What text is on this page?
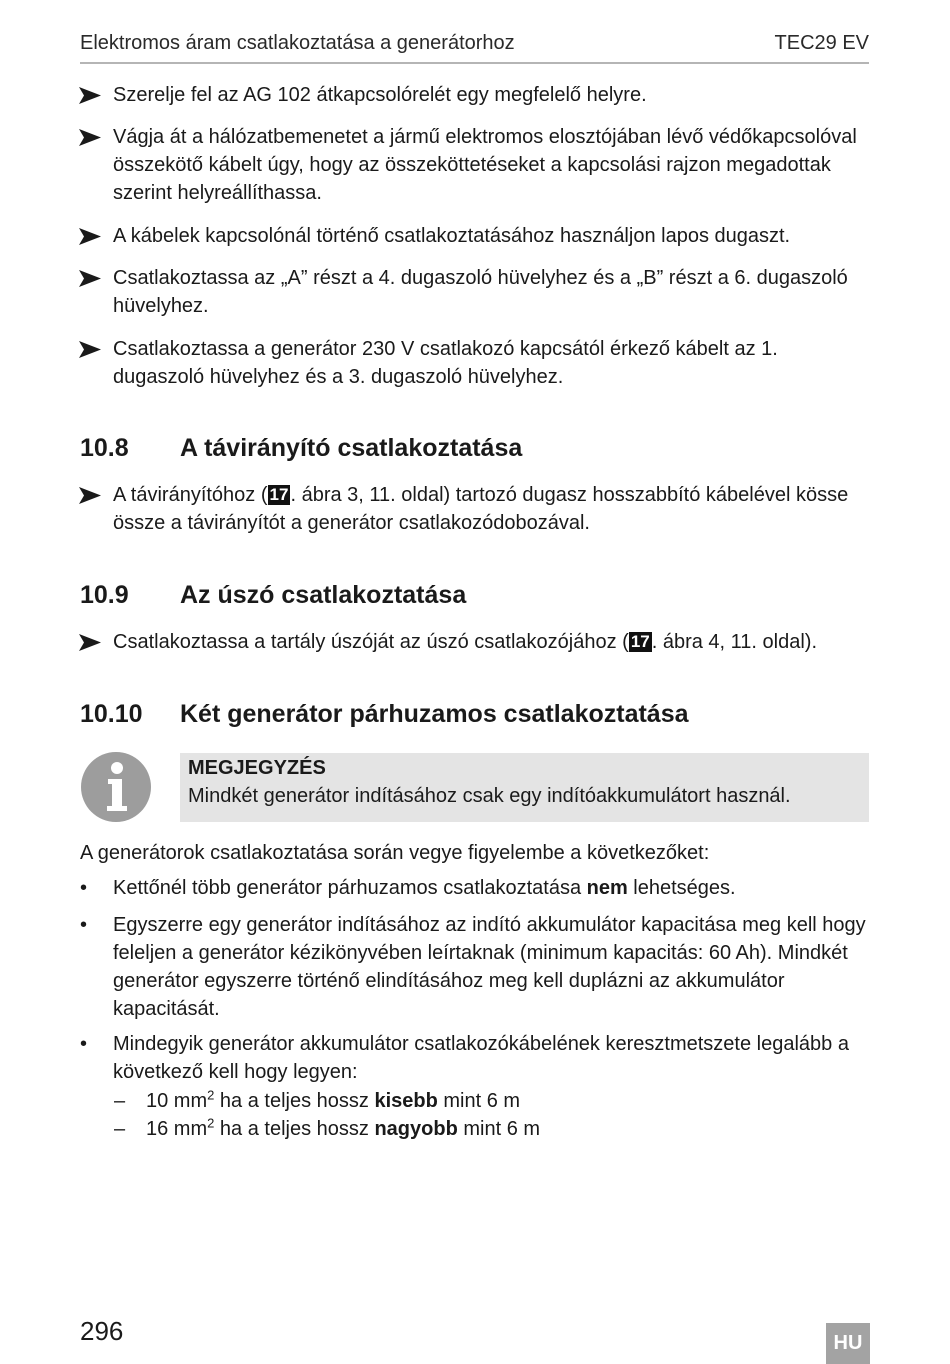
Elektromos áram csatlakoztatása a generátorhoz	TEC29 EV
Szerelje fel az AG 102 átkapcsolórelét egy megfelelő helyre.
Vágja át a hálózatbemenetet a jármű elektromos elosztójában lévő védőkapcsolóval összekötő kábelt úgy, hogy az összeköttetéseket a kapcsolási rajzon megadottak szerint helyreállíthassa.
A kábelek kapcsolónál történő csatlakoztatásához használjon lapos dugaszt.
Csatlakoztassa az „A” részt a 4. dugaszoló hüvelyhez és a „B” részt a 6. dugaszoló hüvelyhez.
Csatlakoztassa a generátor 230 V csatlakozó kapcsától érkező kábelt az 1. dugaszoló hüvelyhez és a 3. dugaszoló hüvelyhez.
10.8 A távirányító csatlakoztatása
A távirányítóhoz ( 17 . ábra 3, 11. oldal) tartozó dugasz hosszabbító kábelével kösse össze a távirányítót a generátor csatlakozódobozával.
10.9 Az úszó csatlakoztatása
Csatlakoztassa a tartály úszóját az úszó csatlakozójához ( 17 . ábra 4, 11. oldal).
10.10 Két generátor párhuzamos csatlakoztatása
MEGJEGYZÉS
Mindkét generátor indításához csak egy indítóakkumulátort használ.
A generátorok csatlakoztatása során vegye figyelembe a következőket:
• Kettőnél több generátor párhuzamos csatlakoztatása nem lehetséges.
• Egyszerre egy generátor indításához az indító akkumulátor kapacitása meg kell hogy feleljen a generátor kézikönyvében leírtaknak (minimum kapacitás: 60 Ah). Mindkét generátor egyszerre történő elindításához meg kell duplázni az akkumulátor kapacitását.
• Mindegyik generátor akkumulátor csatlakozókábelének keresztmetszete legalább a következő kell hogy legyen:
– 10 $mm^2$ ha a teljes hossz kisebb mint 6 m
– 16 $mm^2$ ha a teljes hossz nagyobb mint 6 m
296	HU
